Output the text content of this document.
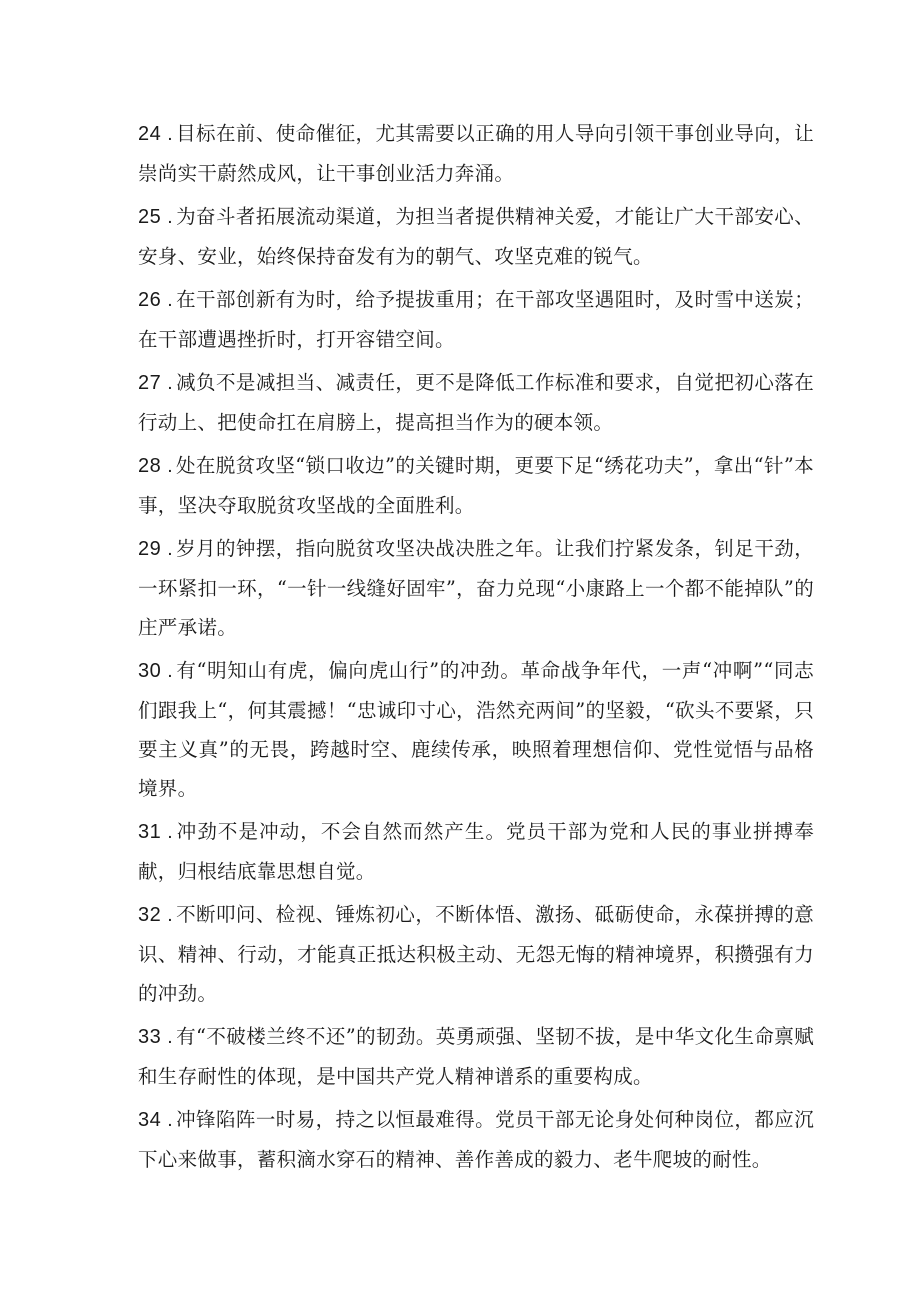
24 . 目标在前、使命催征，尤其需要以正确的用人导向引领干事创业导向，让崇尚实干蔚然成风，让干事创业活力奔涌。

25 . 为奋斗者拓展流动渠道，为担当者提供精神关爱，才能让广大干部安心、安身、安业，始终保持奋发有为的朝气、攻坚克难的锐气。

26 . 在干部创新有为时，给予提拔重用；在干部攻坚遇阻时，及时雪中送炭；在干部遭遇挫折时，打开容错空间。

27 . 减负不是减担当、减责任，更不是降低工作标准和要求，自觉把初心落在行动上、把使命扛在肩膀上，提高担当作为的硬本领。

28 . 处在脱贫攻坚“锁口收边”的关键时期，更要下足“绣花功夫”，拿出“针”本事，坚决夺取脱贫攻坚战的全面胜利。

29 . 岁月的钟摆，指向脱贫攻坚决战决胜之年。让我们拧紧发条，钊足干劲，一环紧扣一环，“一针一线缝好固牢”，奋力兑现“小康路上一个都不能掉队”的庄严承诺。

30 . 有“明知山有虎，偏向虎山行”的冲劲。革命战争年代，一声“冲啊”“同志们跟我上“，何其震撼！“忠诚印寸心，浩然充两间”的坚毅，“砍头不要紧，只要主义真”的无畏，跨越时空、鹿续传承，映照着理想信仰、党性觉悟与品格境界。

31 . 冲劲不是冲动，不会自然而然产生。党员干部为党和人民的事业拼搏奉献，归根结底靠思想自觉。

32 . 不断叩问、检视、锤炼初心，不断体悟、激扬、砥砺使命，永葆拼搏的意识、精神、行动，才能真正抵达积极主动、无怨无悔的精神境界，积攒强有力的冲劲。

33 . 有“不破楼兰终不还”的韧劲。英勇顽强、坚韧不拔，是中华文化生命禀赋和生存耐性的体现，是中国共产党人精神谱系的重要构成。

34 . 冲锋陷阵一时易，持之以恒最难得。党员干部无论身处何种岗位，都应沉下心来做事，蓄积滴水穿石的精神、善作善成的毅力、老牛爬坡的耐性。
